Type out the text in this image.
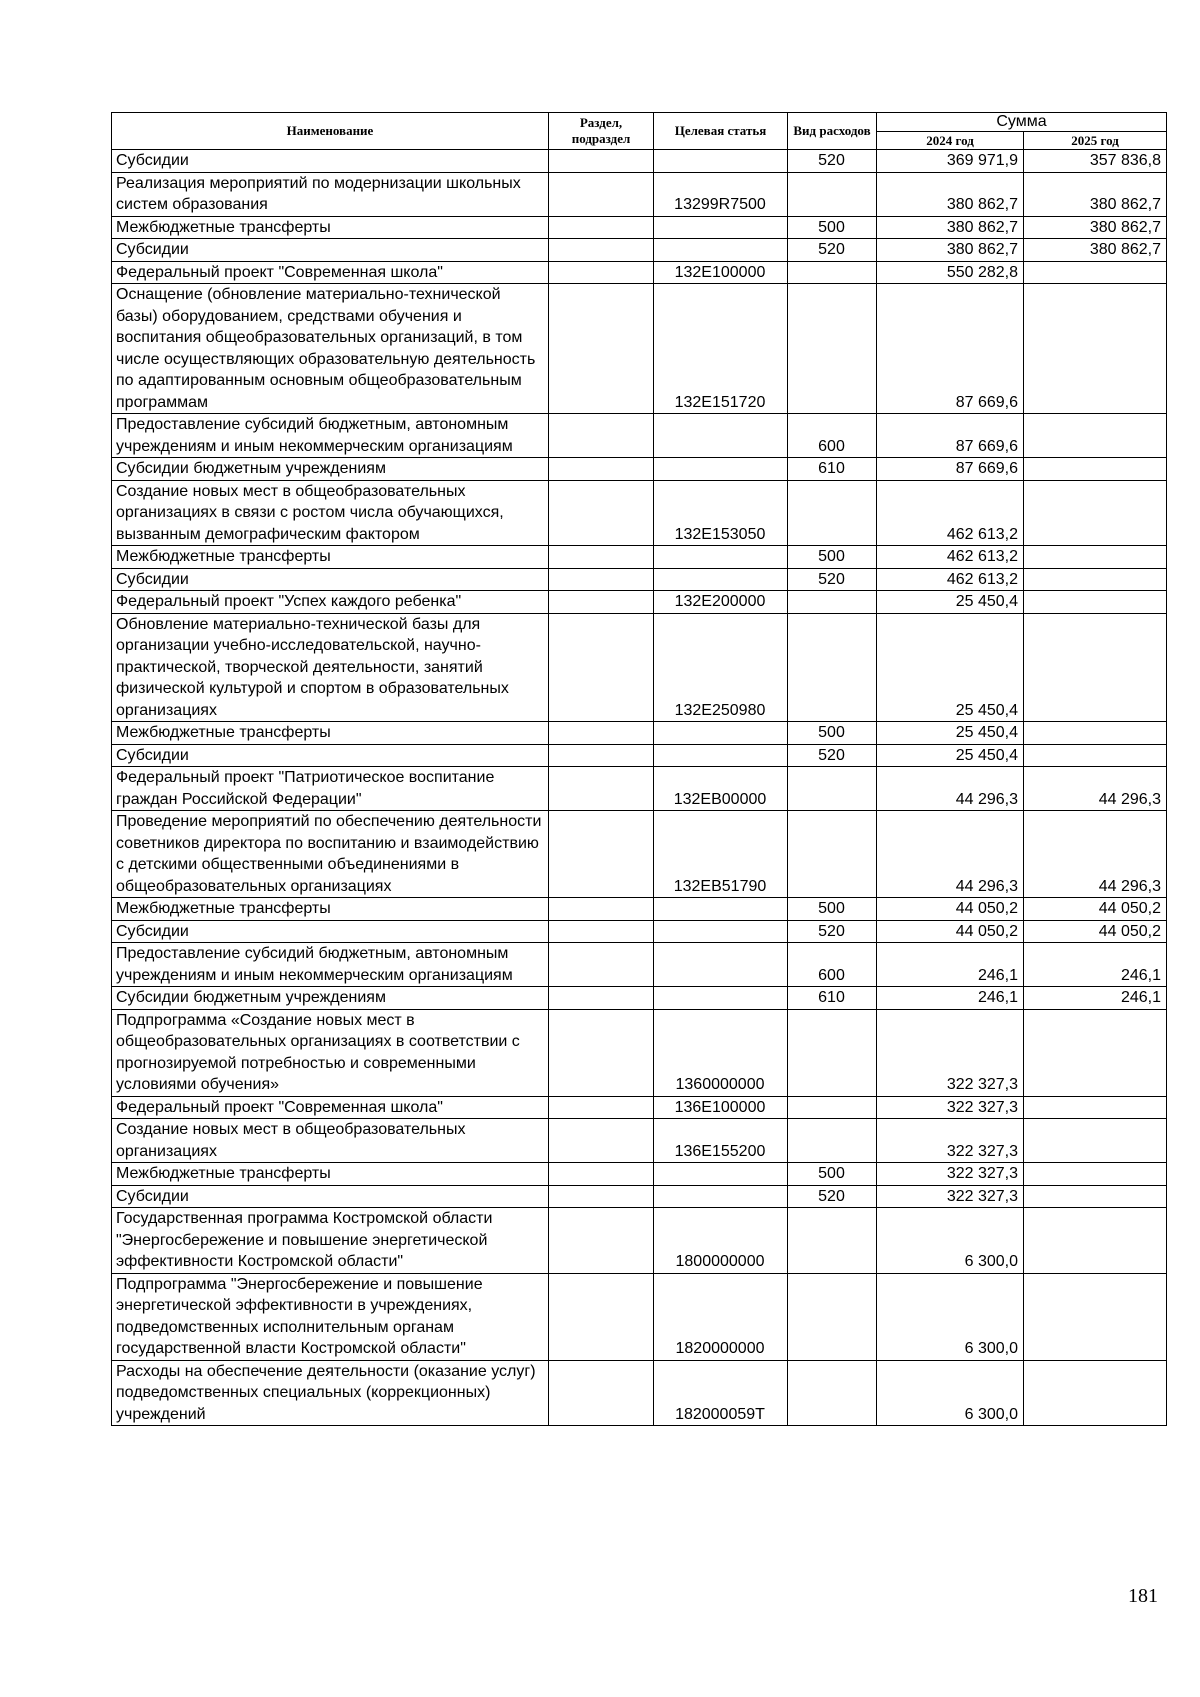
Наименование	Раздел, подраздел	Целевая статья	Вид расходов	Сумма	
				2024 год	2025 год
Субсидии			520	369 971,9	357 836,8
Реализация мероприятий по модернизации школьных систем образования		13299R7500		380 862,7	380 862,7
Межбюджетные трансферты			500	380 862,7	380 862,7
Субсидии			520	380 862,7	380 862,7
Федеральный проект "Современная школа"		132E100000		550 282,8	
Оснащение (обновление материально-технической базы) оборудованием, средствами обучения и воспитания общеобразовательных организаций, в том числе осуществляющих образовательную деятельность по адаптированным основным общеобразовательным программам		132E151720		87 669,6	
Предоставление субсидий бюджетным, автономным учреждениям и иным некоммерческим организациям			600	87 669,6	
Субсидии бюджетным учреждениям			610	87 669,6	
Создание новых мест в общеобразовательных организациях в связи с ростом числа обучающихся, вызванным демографическим фактором		132E153050		462 613,2	
Межбюджетные трансферты			500	462 613,2	
Субсидии			520	462 613,2	
Федеральный проект "Успех каждого ребенка"		132E200000		25 450,4	
Обновление материально-технической базы для организации учебно-исследовательской, научно-практической, творческой деятельности, занятий физической культурой и спортом в образовательных организациях		132E250980		25 450,4	
Межбюджетные трансферты			500	25 450,4	
Субсидии			520	25 450,4	
Федеральный проект "Патриотическое воспитание граждан Российской Федерации"		132EB00000		44 296,3	44 296,3
Проведение мероприятий по обеспечению деятельности советников директора по воспитанию и взаимодействию с детскими общественными объединениями в общеобразовательных организациях		132EB51790		44 296,3	44 296,3
Межбюджетные трансферты			500	44 050,2	44 050,2
Субсидии			520	44 050,2	44 050,2
Предоставление субсидий бюджетным, автономным учреждениям и иным некоммерческим организациям			600	246,1	246,1
Субсидии бюджетным учреждениям			610	246,1	246,1
Подпрограмма «Создание новых мест в общеобразовательных организациях в соответствии с прогнозируемой потребностью и современными условиями обучения»		1360000000		322 327,3	
Федеральный проект "Современная школа"		136E100000		322 327,3	
Создание новых мест в общеобразовательных организациях		136E155200		322 327,3	
Межбюджетные трансферты			500	322 327,3	
Субсидии			520	322 327,3	
Государственная программа Костромской области "Энергосбережение и повышение энергетической эффективности Костромской области"		1800000000		6 300,0	
Подпрограмма "Энергосбережение и повышение энергетической эффективности в учреждениях, подведомственных исполнительным органам государственной власти Костромской области"		1820000000		6 300,0	
Расходы на обеспечение деятельности (оказание услуг) подведомственных специальных (коррекционных) учреждений		182000059Т		6 300,0	
181
